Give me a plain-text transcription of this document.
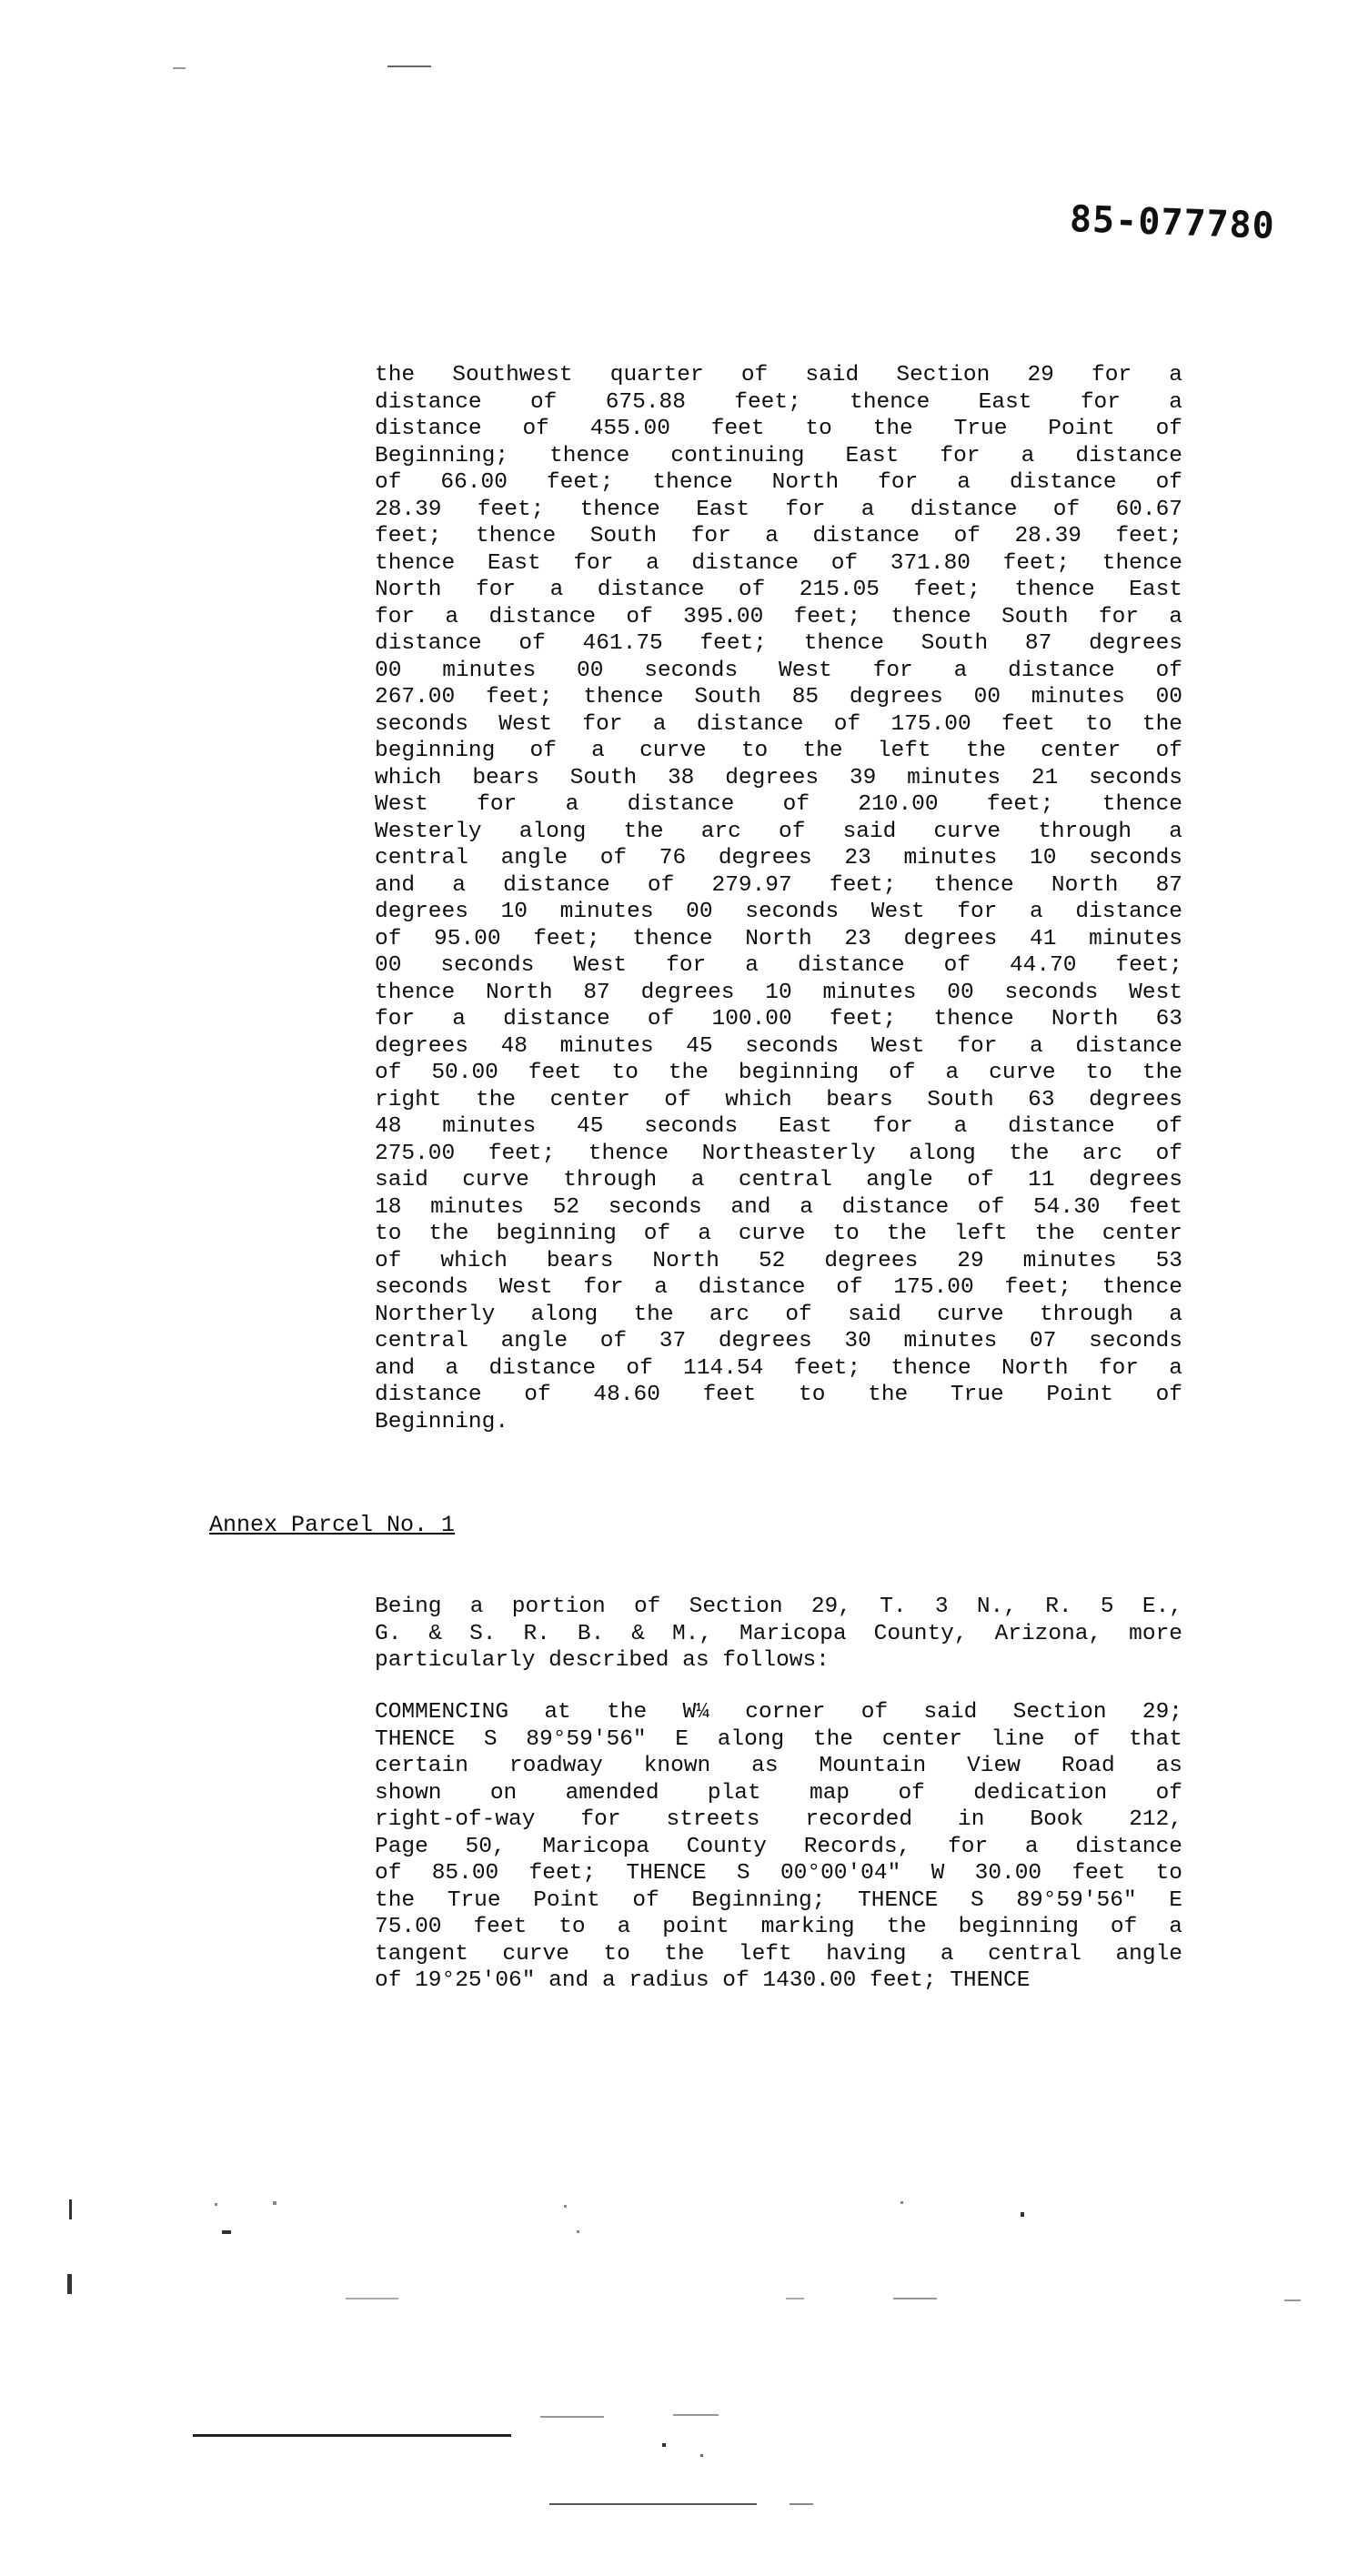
85-077780
the Southwest quarter of said Section 29 for a
distance of 675.88 feet; thence East for a
distance of 455.00 feet to the True Point of
Beginning; thence continuing East for a distance
of 66.00 feet; thence North for a distance of
28.39 feet; thence East for a distance of 60.67
feet; thence South for a distance of 28.39 feet;
thence East for a distance of 371.80 feet; thence
North for a distance of 215.05 feet; thence East
for a distance of 395.00 feet; thence South for a
distance of 461.75 feet; thence South 87 degrees
00 minutes 00 seconds West for a distance of
267.00 feet; thence South 85 degrees 00 minutes 00
seconds West for a distance of 175.00 feet to the
beginning of a curve to the left the center of
which bears South 38 degrees 39 minutes 21 seconds
West for a distance of 210.00 feet; thence
Westerly along the arc of said curve through a
central angle of 76 degrees 23 minutes 10 seconds
and a distance of 279.97 feet; thence North 87
degrees 10 minutes 00 seconds West for a distance
of 95.00 feet; thence North 23 degrees 41 minutes
00 seconds West for a distance of 44.70 feet;
thence North 87 degrees 10 minutes 00 seconds West
for a distance of 100.00 feet; thence North 63
degrees 48 minutes 45 seconds West for a distance
of 50.00 feet to the beginning of a curve to the
right the center of which bears South 63 degrees
48 minutes 45 seconds East for a distance of
275.00 feet; thence Northeasterly along the arc of
said curve through a central angle of 11 degrees
18 minutes 52 seconds and a distance of 54.30 feet
to the beginning of a curve to the left the center
of which bears North 52 degrees 29 minutes 53
seconds West for a distance of 175.00 feet; thence
Northerly along the arc of said curve through a
central angle of 37 degrees 30 minutes 07 seconds
and a distance of 114.54 feet; thence North for a
distance of 48.60 feet to the True Point of
Beginning.
Annex Parcel No. 1
Being a portion of Section 29, T. 3 N., R. 5 E.,
G. & S. R. B. & M., Maricopa County, Arizona, more
particularly described as follows:
COMMENCING at the W¼ corner of said Section 29;
THENCE S 89°59'56" E along the center line of that
certain roadway known as Mountain View Road as
shown on amended plat map of dedication of
right-of-way for streets recorded in Book 212,
Page 50, Maricopa County Records, for a distance
of 85.00 feet; THENCE S 00°00'04" W 30.00 feet to
the True Point of Beginning; THENCE S 89°59'56" E
75.00 feet to a point marking the beginning of a
tangent curve to the left having a central angle
of 19°25'06" and a radius of 1430.00 feet; THENCE
